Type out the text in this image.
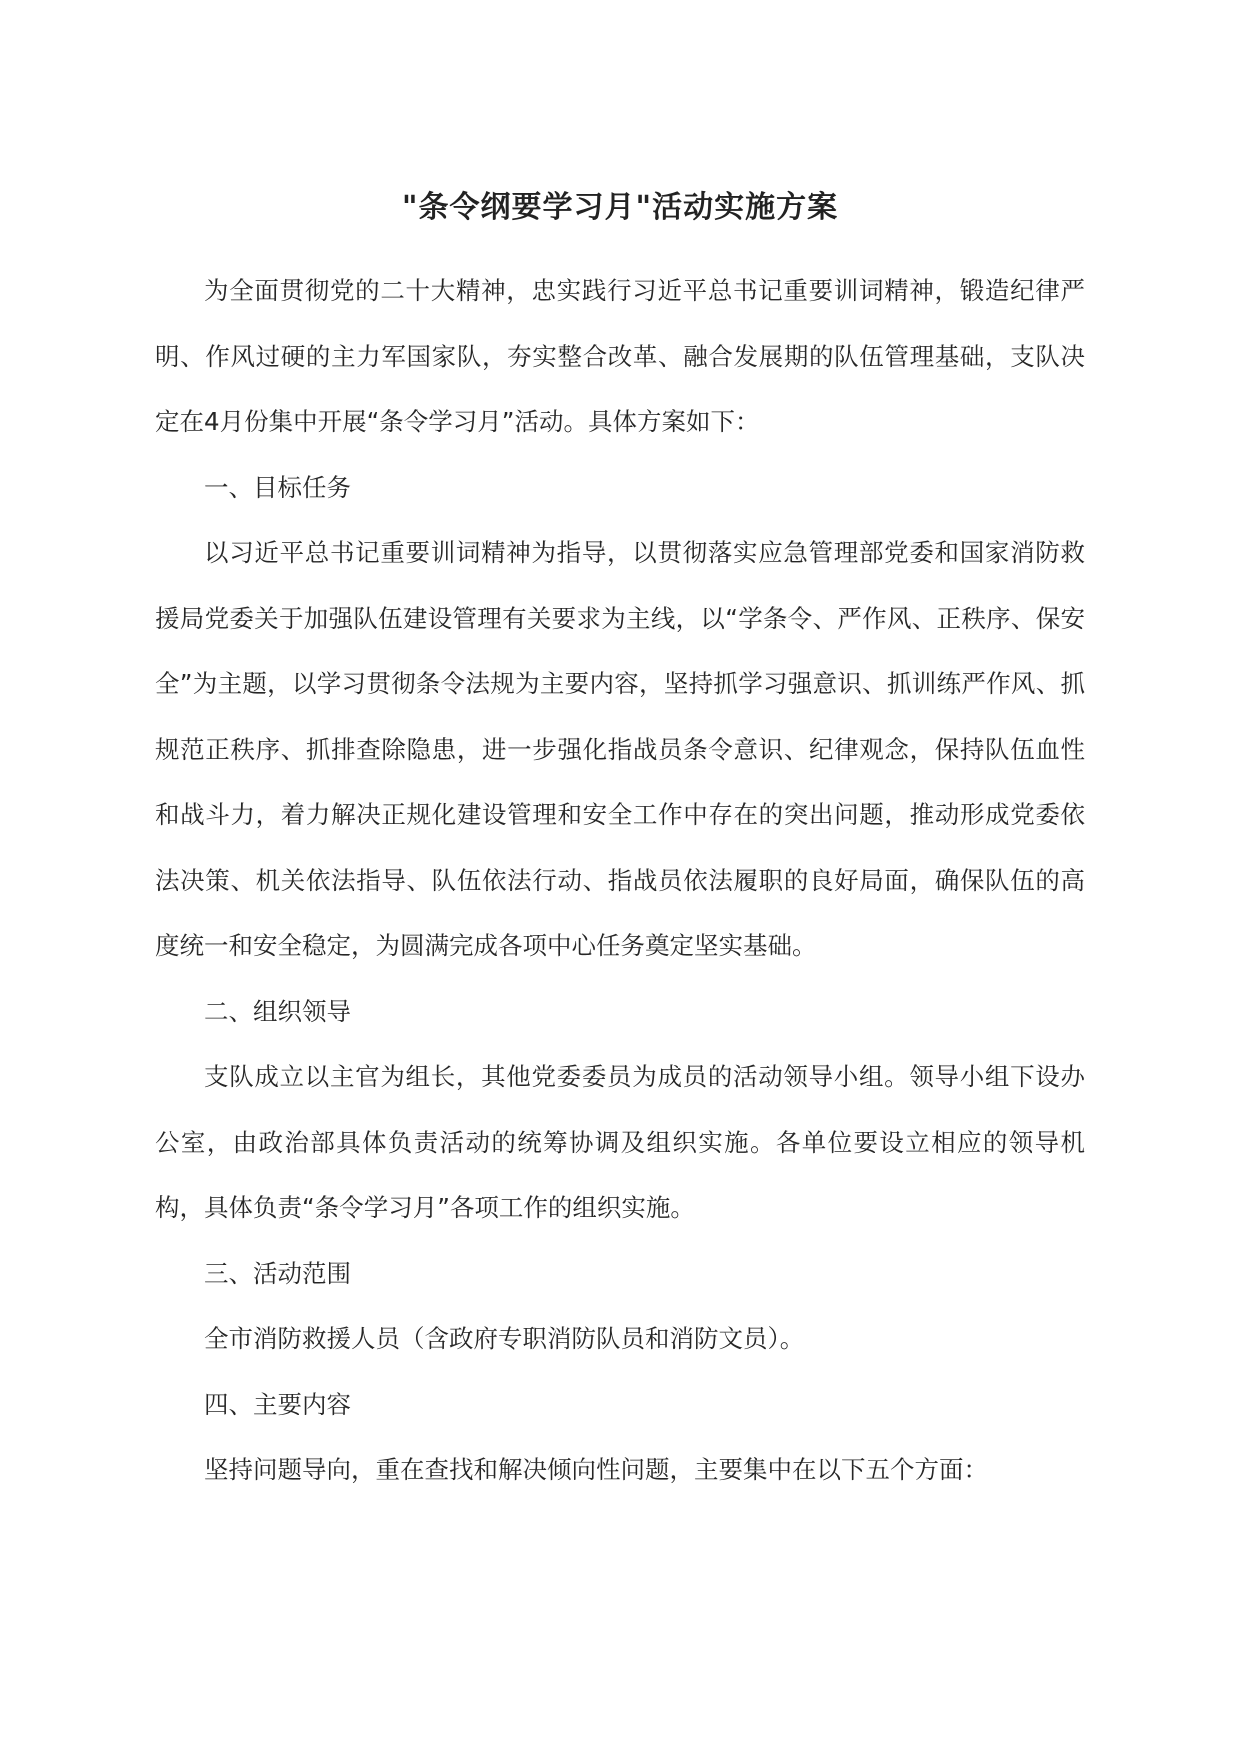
"条令纲要学习月"活动实施方案

为全面贯彻党的二十大精神，忠实践行习近平总书记重要训词精神，锻造纪律严明、作风过硬的主力军国家队，夯实整合改革、融合发展期的队伍管理基础，支队决定在4月份集中开展“条令学习月”活动。具体方案如下：

一、目标任务

以习近平总书记重要训词精神为指导，以贯彻落实应急管理部党委和国家消防救援局党委关于加强队伍建设管理有关要求为主线，以“学条令、严作风、正秩序、保安全”为主题，以学习贯彻条令法规为主要内容，坚持抓学习强意识、抓训练严作风、抓规范正秩序、抓排查除隐患，进一步强化指战员条令意识、纪律观念，保持队伍血性和战斗力，着力解决正规化建设管理和安全工作中存在的突出问题，推动形成党委依法决策、机关依法指导、队伍依法行动、指战员依法履职的良好局面，确保队伍的高度统一和安全稳定，为圆满完成各项中心任务奠定坚实基础。

二、组织领导

支队成立以主官为组长，其他党委委员为成员的活动领导小组。领导小组下设办公室，由政治部具体负责活动的统筹协调及组织实施。各单位要设立相应的领导机构，具体负责“条令学习月”各项工作的组织实施。

三、活动范围

全市消防救援人员（含政府专职消防队员和消防文员）。

四、主要内容

坚持问题导向，重在查找和解决倾向性问题，主要集中在以下五个方面：
